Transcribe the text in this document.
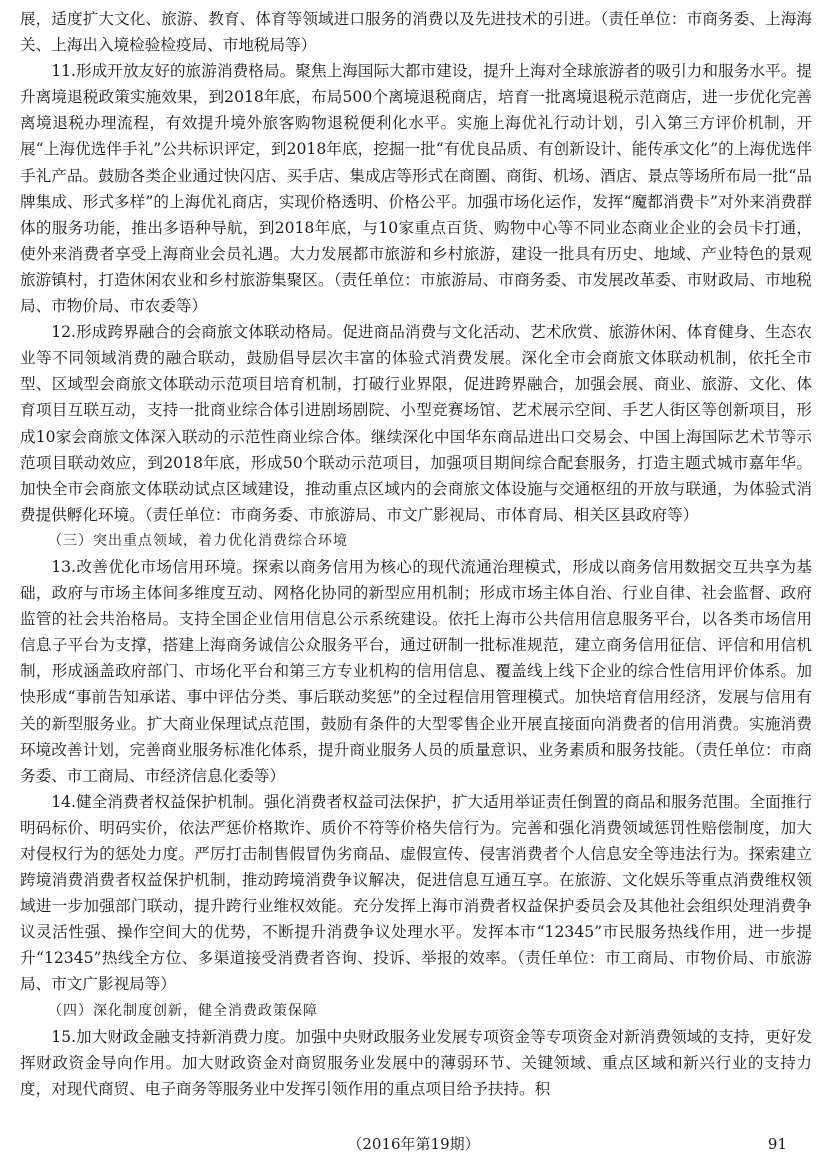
展，适度扩大文化、旅游、教育、体育等领域进口服务的消费以及先进技术的引进。（责任单位：市商务委、上海海关、上海出入境检验检疫局、市地税局等）

11.形成开放友好的旅游消费格局。聚焦上海国际大都市建设，提升上海对全球旅游者的吸引力和服务水平。提升离境退税政策实施效果，到2018年底，布局500个离境退税商店，培育一批离境退税示范商店，进一步优化完善离境退税办理流程，有效提升境外旅客购物退税便利化水平。实施上海优礼行动计划，引入第三方评价机制，开展“上海优选伴手礼”公共标识评定，到2018年底，挖掘一批“有优良品质、有创新设计、能传承文化”的上海优选伴手礼产品。鼓励各类企业通过快闪店、买手店、集成店等形式在商圈、商街、机场、酒店、景点等场所布局一批“品牌集成、形式多样”的上海优礼商店，实现价格透明、价格公平。加强市场化运作，发挥“魔都消费卡”对外来消费群体的服务功能，推出多语种导航，到2018年底，与10家重点百货、购物中心等不同业态商业企业的会员卡打通，使外来消费者享受上海商业会员礼遇。大力发展都市旅游和乡村旅游，建设一批具有历史、地域、产业特色的景观旅游镇村，打造休闲农业和乡村旅游集聚区。（责任单位：市旅游局、市商务委、市发展改革委、市财政局、市地税局、市物价局、市农委等）

12.形成跨界融合的会商旅文体联动格局。促进商品消费与文化活动、艺术欣赏、旅游休闲、体育健身、生态农业等不同领域消费的融合联动，鼓励倡导层次丰富的体验式消费发展。深化全市会商旅文体联动机制，依托全市型、区域型会商旅文体联动示范项目培育机制，打破行业界限，促进跨界融合，加强会展、商业、旅游、文化、体育项目互联互动，支持一批商业综合体引进剧场剧院、小型竞赛场馆、艺术展示空间、手艺人街区等创新项目，形成10家会商旅文体深入联动的示范性商业综合体。继续深化中国华东商品进出口交易会、中国上海国际艺术节等示范项目联动效应，到2018年底，形成50个联动示范项目，加强项目期间综合配套服务，打造主题式城市嘉年华。加快全市会商旅文体联动试点区域建设，推动重点区域内的会商旅文体设施与交通枢纽的开放与联通，为体验式消费提供孵化环境。（责任单位：市商务委、市旅游局、市文广影视局、市体育局、相关区县政府等）

（三）突出重点领域，着力优化消费综合环境

13.改善优化市场信用环境。探索以商务信用为核心的现代流通治理模式，形成以商务信用数据交互共享为基础，政府与市场主体间多维度互动、网格化协同的新型应用机制；形成市场主体自治、行业自律、社会监督、政府监管的社会共治格局。支持全国企业信用信息公示系统建设。依托上海市公共信用信息服务平台，以各类市场信用信息子平台为支撑，搭建上海商务诚信公众服务平台，通过研制一批标准规范，建立商务信用征信、评信和用信机制，形成涵盖政府部门、市场化平台和第三方专业机构的信用信息、覆盖线上线下企业的综合性信用评价体系。加快形成“事前告知承诺、事中评估分类、事后联动奖惩”的全过程信用管理模式。加快培育信用经济，发展与信用有关的新型服务业。扩大商业保理试点范围，鼓励有条件的大型零售企业开展直接面向消费者的信用消费。实施消费环境改善计划，完善商业服务标准化体系，提升商业服务人员的质量意识、业务素质和服务技能。（责任单位：市商务委、市工商局、市经济信息化委等）

14.健全消费者权益保护机制。强化消费者权益司法保护，扩大适用举证责任倒置的商品和服务范围。全面推行明码标价、明码实价，依法严惩价格欺诈、质价不符等价格失信行为。完善和强化消费领域惩罚性赔偿制度，加大对侵权行为的惩处力度。严厉打击制售假冒伪劣商品、虚假宣传、侵害消费者个人信息安全等违法行为。探索建立跨境消费消费者权益保护机制，推动跨境消费争议解决，促进信息互通互享。在旅游、文化娱乐等重点消费维权领域进一步加强部门联动，提升跨行业维权效能。充分发挥上海市消费者权益保护委员会及其他社会组织处理消费争议灵活性强、操作空间大的优势，不断提升消费争议处理水平。发挥本市“12345”市民服务热线作用，进一步提升“12345”热线全方位、多渠道接受消费者咨询、投诉、举报的效率。（责任单位：市工商局、市物价局、市旅游局、市文广影视局等）

（四）深化制度创新，健全消费政策保障

15.加大财政金融支持新消费力度。加强中央财政服务业发展专项资金等专项资金对新消费领域的支持，更好发挥财政资金导向作用。加大财政资金对商贸服务业发展中的薄弱环节、关键领域、重点区域和新兴行业的支持力度，对现代商贸、电子商务等服务业中发挥引领作用的重点项目给予扶持。积

（2016年第19期）	91
